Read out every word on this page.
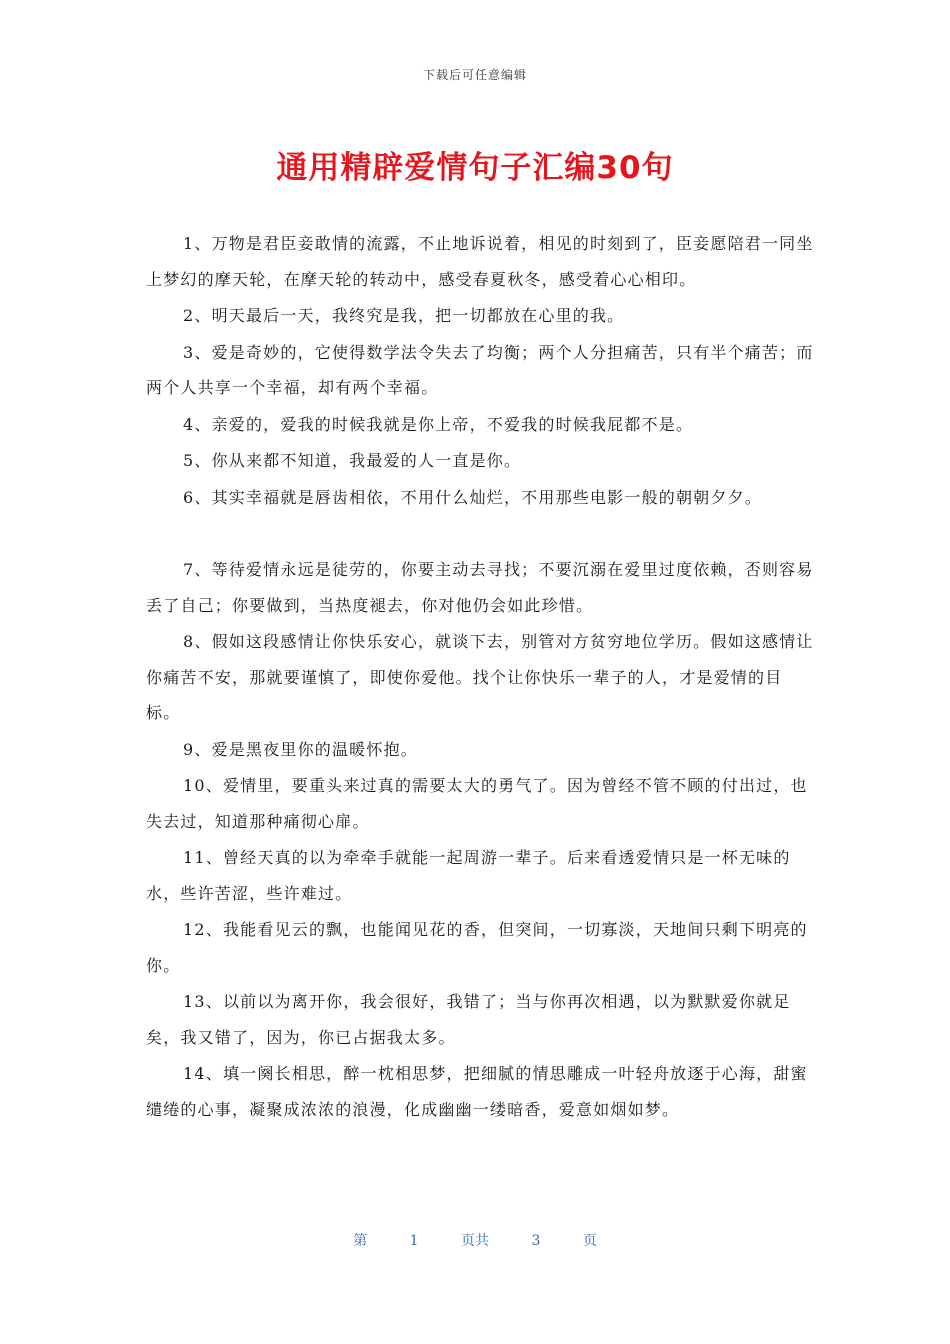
下载后可任意编辑
通用精辟爱情句子汇编30句

1、万物是君臣妾敢情的流露，不止地诉说着，相见的时刻到了，臣妾愿陪君一同坐上梦幻的摩天轮，在摩天轮的转动中，感受春夏秋冬，感受着心心相印。

2、明天最后一天，我终究是我，把一切都放在心里的我。

3、爱是奇妙的，它使得数学法令失去了均衡；两个人分担痛苦，只有半个痛苦；而两个人共享一个幸福，却有两个幸福。

4、亲爱的，爱我的时候我就是你上帝，不爱我的时候我屁都不是。

5、你从来都不知道，我最爱的人一直是你。

6、其实幸福就是唇齿相依，不用什么灿烂，不用那些电影一般的朝朝夕夕。

7、等待爱情永远是徒劳的，你要主动去寻找；不要沉溺在爱里过度依赖，否则容易丢了自己；你要做到，当热度褪去，你对他仍会如此珍惜。

8、假如这段感情让你快乐安心，就谈下去，别管对方贫穷地位学历。假如这感情让你痛苦不安，那就要谨慎了，即使你爱他。找个让你快乐一辈子的人，才是爱情的目标。

9、爱是黑夜里你的温暖怀抱。

10、爱情里，要重头来过真的需要太大的勇气了。因为曾经不管不顾的付出过，也失去过，知道那种痛彻心扉。

11、曾经天真的以为牵牵手就能一起周游一辈子。后来看透爱情只是一杯无味的水，些许苦涩，些许难过。

12、我能看见云的飘，也能闻见花的香，但突间，一切寡淡，天地间只剩下明亮的你。

13、以前以为离开你，我会很好，我错了；当与你再次相遇，以为默默爱你就足矣，我又错了，因为，你已占据我太多。

14、填一阕长相思，醉一枕相思梦，把细腻的情思雕成一叶轻舟放逐于心海，甜蜜缱绻的心事，凝聚成浓浓的浪漫，化成幽幽一缕暗香，爱意如烟如梦。

第	1	页共	3	页
